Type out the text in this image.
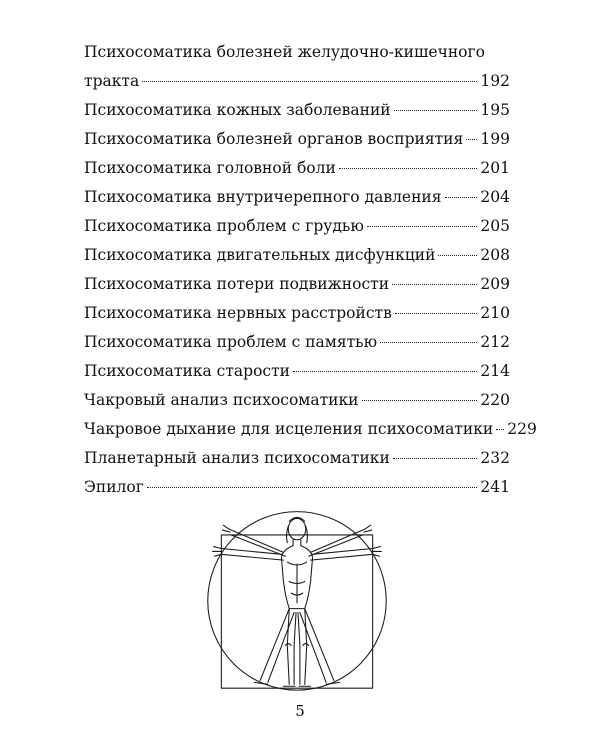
Психосоматика болезней желудочно-кишечного
тракта	192
Психосоматика кожных заболеваний	195
Психосоматика болезней органов восприятия 199
Психосоматика головной боли	201
Психосоматика внутричерепного давления	204
Психосоматика проблем с грудью	205
Психосоматика двигательных дисфункций	208
Психосоматика потери подвижности	209
Психосоматика нервных расстройств	210
Психосоматика проблем с памятью	212
Психосоматика старости	214
Чакровый анализ психосоматики	220
Чакровое дыхание для исцеления психосоматики 229
Планетарный анализ психосоматики	232
Эпилог	241
5
